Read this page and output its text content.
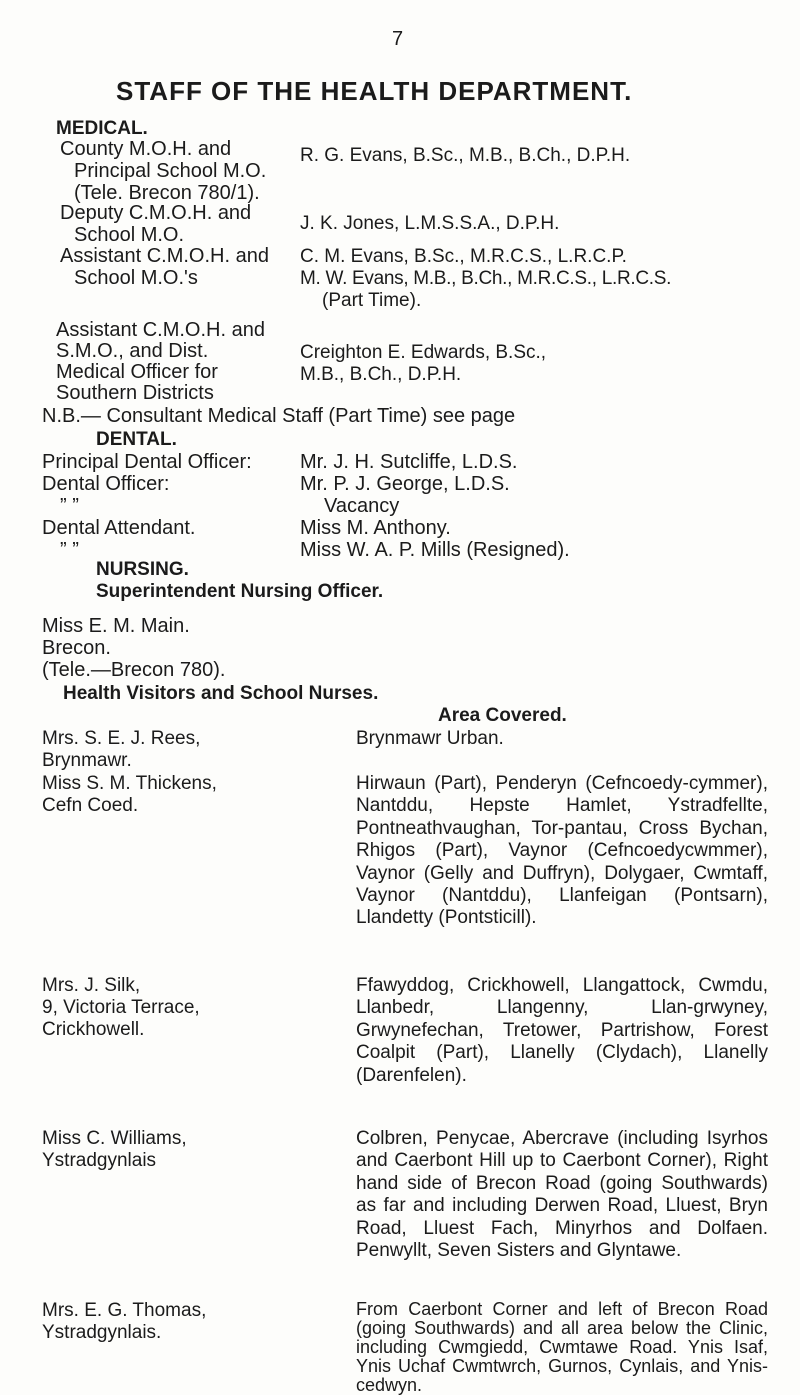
7
STAFF OF THE HEALTH DEPARTMENT.
MEDICAL.
County M.O.H. and
Principal School M.O.
(Tele. Brecon 780/1).
R. G. Evans, B.Sc., M.B., B.Ch., D.P.H.
Deputy C.M.O.H. and
School M.O.
J. K. Jones, L.M.S.S.A., D.P.H.
Assistant C.M.O.H. and
School M.O.'s
C. M. Evans, B.Sc., M.R.C.S., L.R.C.P.
M. W. Evans, M.B., B.Ch., M.R.C.S., L.R.C.S.
(Part Time).
Assistant C.M.O.H. and
S.M.O., and Dist.
Medical Officer for
Southern Districts
Creighton E. Edwards, B.Sc.,
M.B., B.Ch., D.P.H.
N.B.— Consultant Medical Staff (Part Time) see page
DENTAL.
Principal Dental Officer:
Dental Officer:
” ”
Dental Attendant.
” ”
Mr. J. H. Sutcliffe, L.D.S.
Mr. P. J. George, L.D.S.
Vacancy
Miss M. Anthony.
Miss W. A. P. Mills (Resigned).
NURSING.
Superintendent Nursing Officer.
Miss E. M. Main.
Brecon.
(Tele.—Brecon 780).
Health Visitors and School Nurses.
Area Covered.
Mrs. S. E. J. Rees,
Brynmawr.
Brynmawr Urban.
Miss S. M. Thickens,
Cefn Coed.
Hirwaun (Part), Penderyn (Cefncoedy-cymmer), Nantddu, Hepste Hamlet, Ystradfellte, Pontneathvaughan, Tor-pantau, Cross Bychan, Rhigos (Part), Vaynor (Cefncoedycwmmer), Vaynor (Gelly and Duffryn), Dolygaer, Cwmtaff, Vaynor (Nantddu), Llanfeigan (Pontsarn), Llandetty (Pontsticill).
Mrs. J. Silk,
9, Victoria Terrace,
Crickhowell.
Ffawyddog, Crickhowell, Llangattock, Cwmdu, Llanbedr, Llangenny, Llan-grwyney, Grwynefechan, Tretower, Partrishow, Forest Coalpit (Part), Llanelly (Clydach), Llanelly (Darenfelen).
Miss C. Williams,
Ystradgynlais
Colbren, Penycae, Abercrave (including Isyrhos and Caerbont Hill up to Caerbont Corner), Right hand side of Brecon Road (going Southwards) as far and including Derwen Road, Lluest, Bryn Road, Lluest Fach, Minyrhos and Dolfaen. Penwyllt, Seven Sisters and Glyntawe.
Mrs. E. G. Thomas,
Ystradgynlais.
From Caerbont Corner and left of Brecon Road (going Southwards) and all area below the Clinic, including Cwmgiedd, Cwmtawe Road. Ynis Isaf, Ynis Uchaf Cwmtwrch, Gurnos, Cynlais, and Ynis-cedwyn.
